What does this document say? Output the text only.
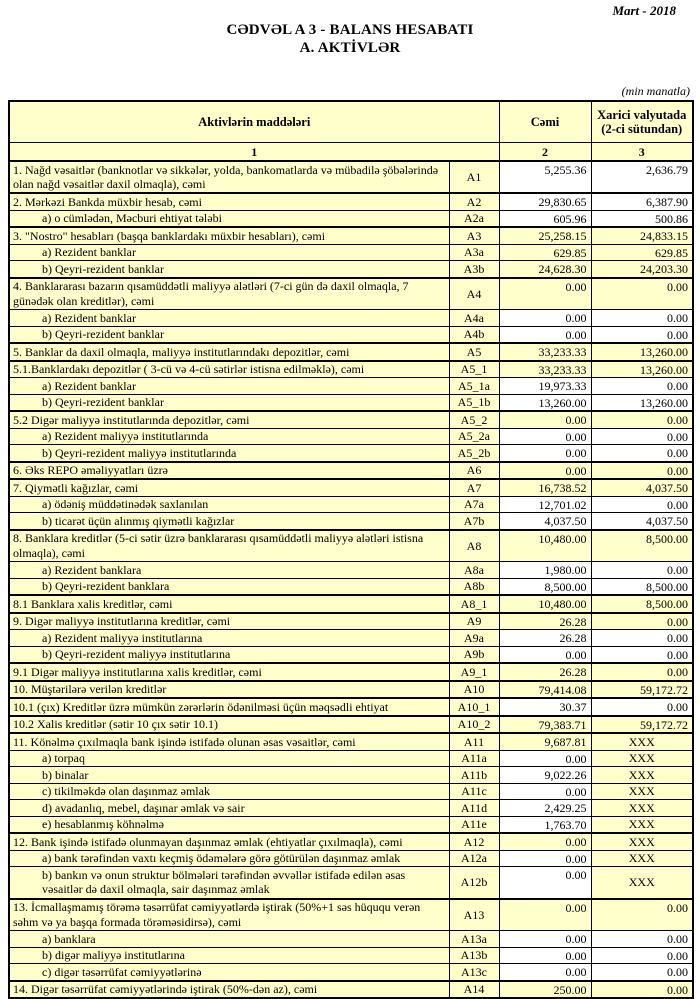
Mart - 2018
CƏDVƏL A 3 - BALANS HESABATI
A. AKTİVLƏR
(min manatla)
Aktivlərin maddələri		Cəmi	Xarici valyutada (2-ci sütundan)
1		2	3
1. Nağd vəsaitlər (banknotlar və sikkələr, yolda, bankomatlarda və mübadilə şöbələrində olan nağd vəsaitlər daxil olmaqla), cəmi	A1	5,255.36	2,636.79
2. Mərkəzi Bankda müxbir hesab, cəmi	A2	29,830.65	6,387.90
a) o cümlədən, Məcburi ehtiyat tələbi	A2a	605.96	500.86
3. "Nostro" hesabları (başqa banklardakı müxbir hesabları), cəmi	A3	25,258.15	24,833.15
a) Rezident banklar	A3a	629.85	629.85
b) Qeyri-rezident banklar	A3b	24,628.30	24,203.30
4. Banklararası bazarın qısamüddətli maliyyə alətləri (7-ci gün də daxil olmaqla, 7 günədək olan kreditlər), cəmi	A4	0.00	0.00
a) Rezident banklar	A4a	0.00	0.00
b) Qeyri-rezident banklar	A4b	0.00	0.00
5. Banklar da daxil olmaqla, maliyyə institutlarındakı depozitlər, cəmi	A5	33,233.33	13,260.00
5.1.Banklardakı depozitlər ( 3-cü və 4-cü sətirlər istisna edilməklə), cəmi	A5_1	33,233.33	13,260.00
a) Rezident banklar	A5_1a	19,973.33	0.00
b) Qeyri-rezident banklar	A5_1b	13,260.00	13,260.00
5.2 Digər maliyyə institutlarında depozitlər, cəmi	A5_2	0.00	0.00
a) Rezident maliyyə institutlarında	A5_2a	0.00	0.00
b) Qeyri-rezident maliyyə institutlarında	A5_2b	0.00	0.00
6. Əks REPO əməliyyatları üzrə	A6	0.00	0.00
7. Qiymətli kağızlar, cəmi	A7	16,738.52	4,037.50
a) ödəniş müddətinədək saxlanılan	A7a	12,701.02	0.00
b) ticarət üçün alınmış qiymətli kağızlar	A7b	4,037.50	4,037.50
8. Banklara kreditlər (5-ci sətir üzrə banklararası qısamüddətli maliyyə alətləri istisna olmaqla), cəmi	A8	10,480.00	8,500.00
a) Rezident banklara	A8a	1,980.00	0.00
b) Qeyri-rezident banklara	A8b	8,500.00	8,500.00
8.1 Banklara xalis kreditlər, cəmi	A8_1	10,480.00	8,500.00
9. Digər maliyyə institutlarına kreditlər, cəmi	A9	26.28	0.00
a) Rezident maliyyə institutlarına	A9a	26.28	0.00
b) Qeyri-rezident maliyyə institutlarına	A9b	0.00	0.00
9.1 Digər maliyyə institutlarına xalis kreditlər, cəmi	A9_1	26.28	0.00
10. Müştərilərə verilən kreditlər	A10	79,414.08	59,172.72
10.1 (çıx) Kreditlər üzrə mümkün zərərlərin ödənilməsi üçün məqsədli ehtiyat	A10_1	30.37	0.00
10.2 Xalis kreditlər (sətir 10 çıx sətir 10.1)	A10_2	79,383.71	59,172.72
11. Könəlmə çıxılmaqla bank işində istifadə olunan əsas vəsaitlər, cəmi	A11	9,687.81	XXX
a) torpaq	A11a	0.00	XXX
b) binalar	A11b	9,022.26	XXX
c) tikilməkdə olan daşınmaz əmlak	A11c	0.00	XXX
d) avadanlıq, mebel, daşınar əmlak və sair	A11d	2,429.25	XXX
e) hesablanmış köhnəlmə	A11e	1,763.70	XXX
12. Bank işində istifadə olunmayan daşınmaz əmlak (ehtiyatlar çıxılmaqla), cəmi	A12	0.00	XXX
a) bank tərəfindən vaxtı keçmiş ödəmələrə görə götürülən daşınmaz əmlak	A12a	0.00	XXX
b) bankın və onun struktur bölmələri tərəfindən əvvəllər istifadə edilən əsas vəsaitlər də daxil olmaqla, sair daşınmaz əmlak	A12b	0.00	XXX
13. İcmallaşmamış törəmə təsərrüfat cəmiyyətlərdə iştirak (50%+1 səs hüququ verən səhm və ya başqa formada törəməsidirsə), cəmi	A13	0.00	0.00
a) banklara	A13a	0.00	0.00
b) digər maliyyə institutlarına	A13b	0.00	0.00
c) digər təsərrüfat cəmiyyətlərinə	A13c	0.00	0.00
14. Digər təsərrüfat cəmiyyətlərində iştirak (50%-dən az), cəmi	A14	250.00	0.00
